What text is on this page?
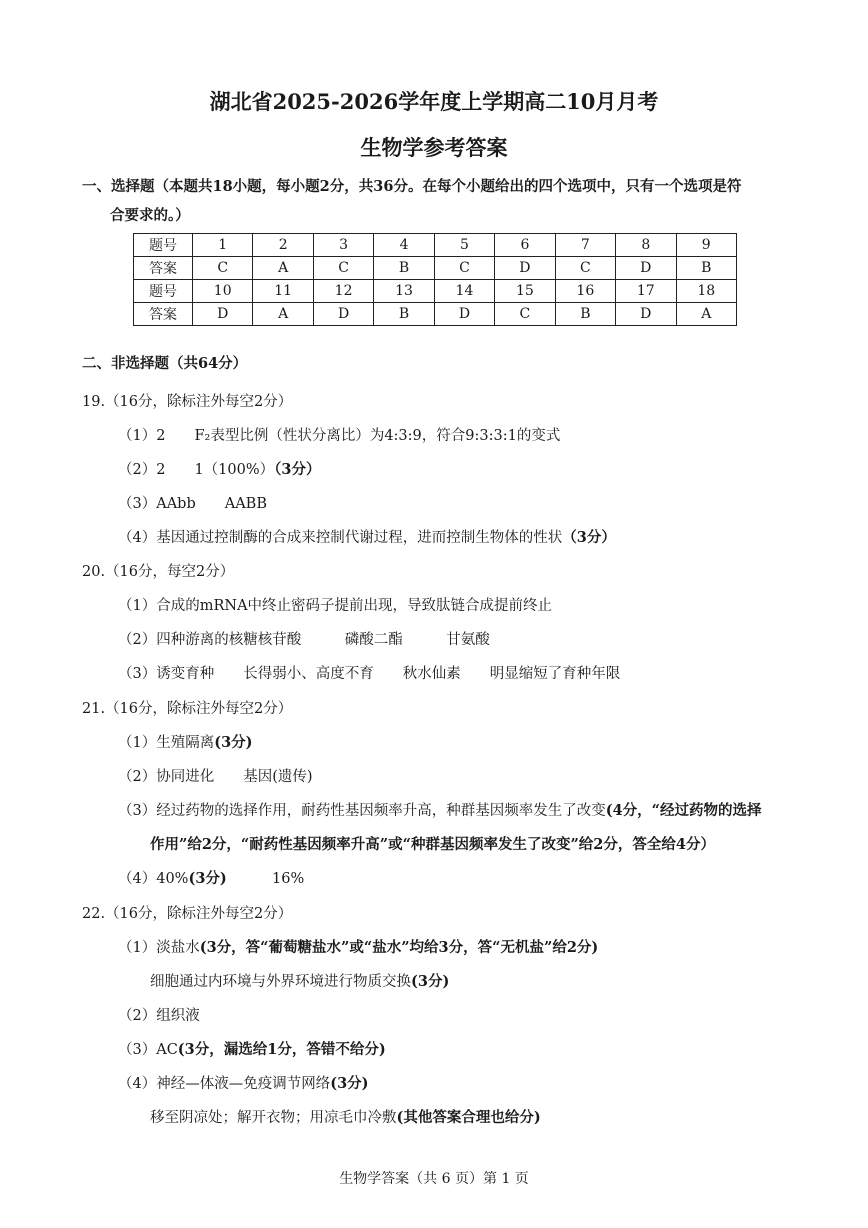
湖北省2025-2026学年度上学期高二10月月考
生物学参考答案
一、选择题（本题共18小题，每小题2分，共36分。在每个小题给出的四个选项中，只有一个选项是符
合要求的。）
题号	1	2	3	4	5	6	7	8	9
答案	C	A	C	B	C	D	C	D	B
题号	10	11	12	13	14	15	16	17	18
答案	D	A	D	B	D	C	B	D	A
二、非选择题（共64分）
19.（16分，除标注外每空2分）
（1）2　　F₂表型比例（性状分离比）为4:3:9，符合9:3:3:1的变式
（2）2　　1（100%）（3分）
（3）AAbb　　AABB
（4）基因通过控制酶的合成来控制代谢过程，进而控制生物体的性状（3分）
20.（16分，每空2分）
（1）合成的mRNA中终止密码子提前出现，导致肽链合成提前终止
（2）四种游离的核糖核苷酸　　　磷酸二酯　　　甘氨酸
（3）诱变育种　　长得弱小、高度不育　　秋水仙素　　明显缩短了育种年限
21.（16分，除标注外每空2分）
（1）生殖隔离(3分)
（2）协同进化　　基因(遗传)
（3）经过药物的选择作用，耐药性基因频率升高，种群基因频率发生了改变(4分，“经过药物的选择
作用”给2分，“耐药性基因频率升高”或“种群基因频率发生了改变”给2分，答全给4分）
（4）40%(3分)	16%
22.（16分，除标注外每空2分）
（1）淡盐水(3分，答“葡萄糖盐水”或“盐水”均给3分，答“无机盐”给2分)
细胞通过内环境与外界环境进行物质交换(3分)
（2）组织液
（3）AC(3分，漏选给1分，答错不给分)
（4）神经—体液—免疫调节网络(3分)
移至阴凉处；解开衣物；用凉毛巾冷敷(其他答案合理也给分)
生物学答案（共 6 页）第 1 页
